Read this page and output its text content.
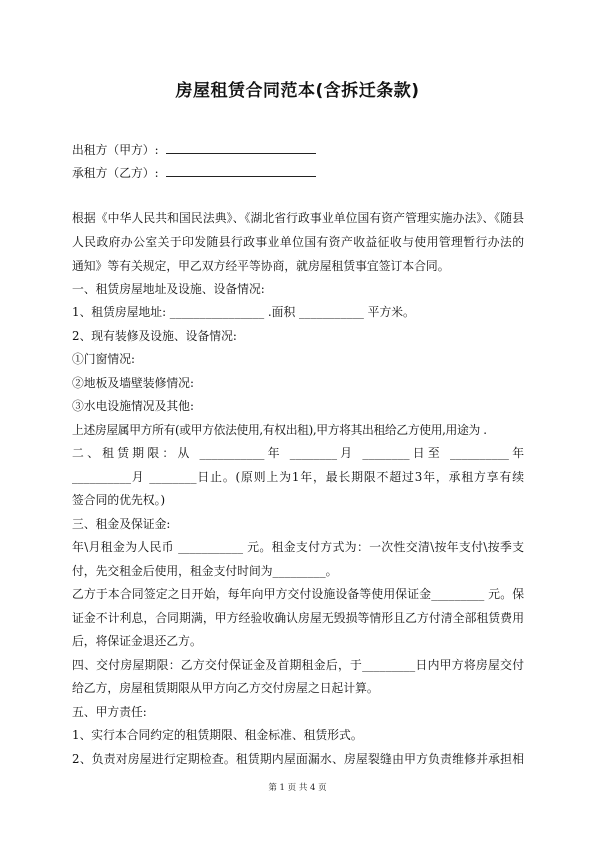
房屋租赁合同范本(含拆迁条款)
出租方（甲方）:
承租方（乙方）:
根据《中华人民共和国民法典》、《湖北省行政事业单位国有资产管理实施办法》、《随县
人民政府办公室关于印发随县行政事业单位国有资产收益征收与使用管理暂行办法的
通知》等有关规定，甲乙双方经平等协商，就房屋租赁事宜签订本合同。
一、租赁房屋地址及设施、设备情况:
1、租赁房屋地址: ________________ .面积 ___________ 平方米。
2、现有装修及设施、设备情况:
①门窗情况:
②地板及墙壁装修情况:
③水电设施情况及其他:
上述房屋属甲方所有(或甲方依法使用,有权出租),甲方将其出租给乙方使用,用途为 .
二、租赁期限：从 ___________年 ________月 ________日至 __________年
__________月 ________日止。(原则上为1年，最长期限不超过3年，承租方享有续
签合同的优先权。)
三、租金及保证金:
年\月租金为人民币 ___________ 元。租金支付方式为：一次性交清\按年支付\按季支
付，先交租金后使用，租金支付时间为_________。
乙方于本合同签定之日开始，每年向甲方交付设施设备等使用保证金_________ 元。保
证金不计利息，合同期满，甲方经验收确认房屋无毁损等情形且乙方付清全部租赁费用
后，将保证金退还乙方。
四、交付房屋期限：乙方交付保证金及首期租金后，于_________日内甲方将房屋交付
给乙方，房屋租赁期限从甲方向乙方交付房屋之日起计算。
五、甲方责任:
1、实行本合同约定的租赁期限、租金标准、租赁形式。
2、负责对房屋进行定期检查。租赁期内屋面漏水、房屋裂缝由甲方负责维修并承担相
第 1 页 共 4 页
